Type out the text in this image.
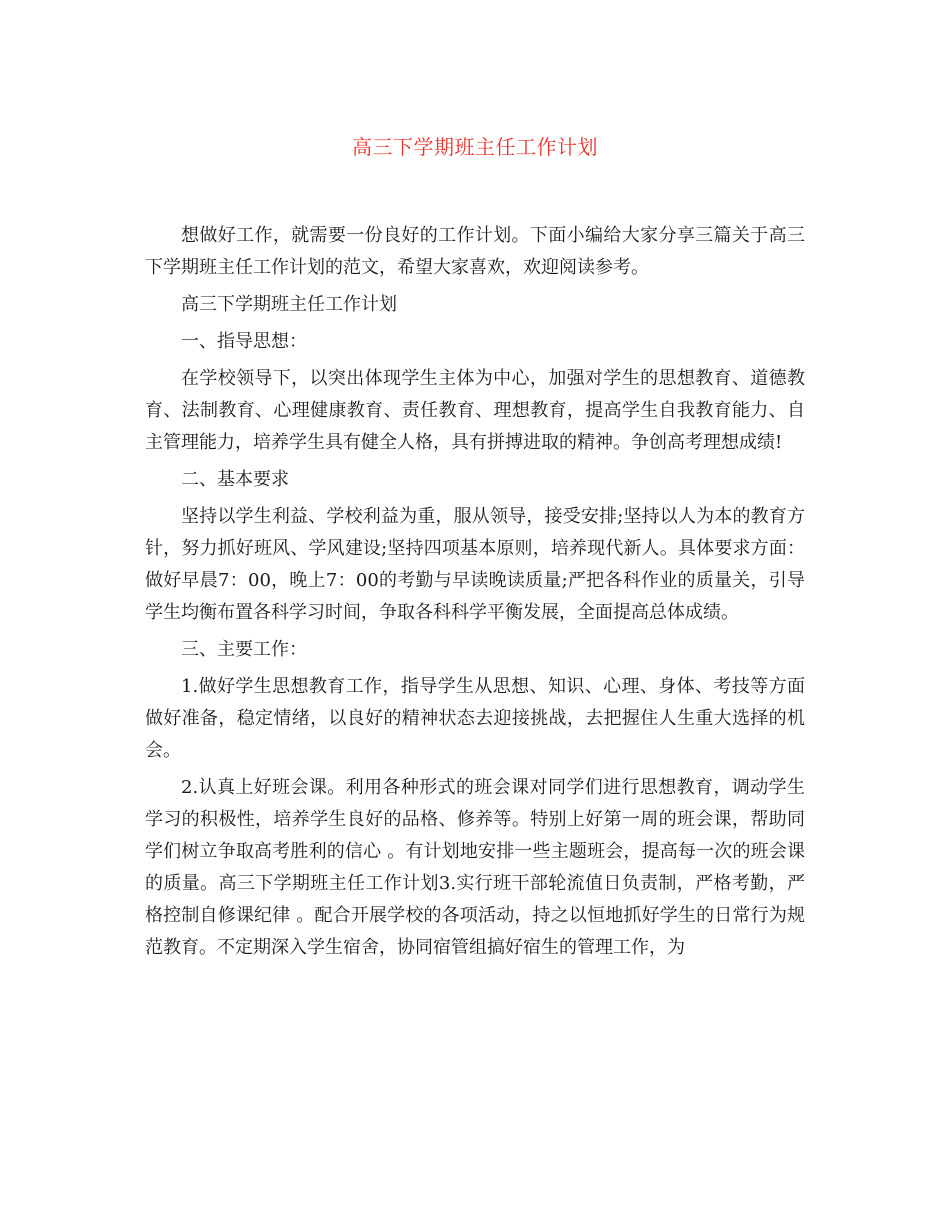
高三下学期班主任工作计划

想做好工作，就需要一份良好的工作计划。下面小编给大家分享三篇关于高三下学期班主任工作计划的范文，希望大家喜欢，欢迎阅读参考。

高三下学期班主任工作计划

一、指导思想：

在学校领导下，以突出体现学生主体为中心，加强对学生的思想教育、道德教育、法制教育、心理健康教育、责任教育、理想教育，提高学生自我教育能力、自主管理能力，培养学生具有健全人格，具有拼搏进取的精神。争创高考理想成绩!

二、基本要求

坚持以学生利益、学校利益为重，服从领导，接受安排;坚持以人为本的教育方针，努力抓好班风、学风建设;坚持四项基本原则，培养现代新人。具体要求方面：做好早晨7：00，晚上7：00的考勤与早读晚读质量;严把各科作业的质量关，引导学生均衡布置各科学习时间，争取各科科学平衡发展，全面提高总体成绩。

三、主要工作：

1.做好学生思想教育工作，指导学生从思想、知识、心理、身体、考技等方面做好准备，稳定情绪，以良好的精神状态去迎接挑战，去把握住人生重大选择的机会。

2.认真上好班会课。利用各种形式的班会课对同学们进行思想教育，调动学生学习的积极性，培养学生良好的品格、修养等。特别上好第一周的班会课，帮助同学们树立争取高考胜利的信心 。有计划地安排一些主题班会，提高每一次的班会课的质量。高三下学期班主任工作计划3.实行班干部轮流值日负责制，严格考勤，严格控制自修课纪律 。配合开展学校的各项活动，持之以恒地抓好学生的日常行为规范教育。不定期深入学生宿舍，协同宿管组搞好宿生的管理工作，为
